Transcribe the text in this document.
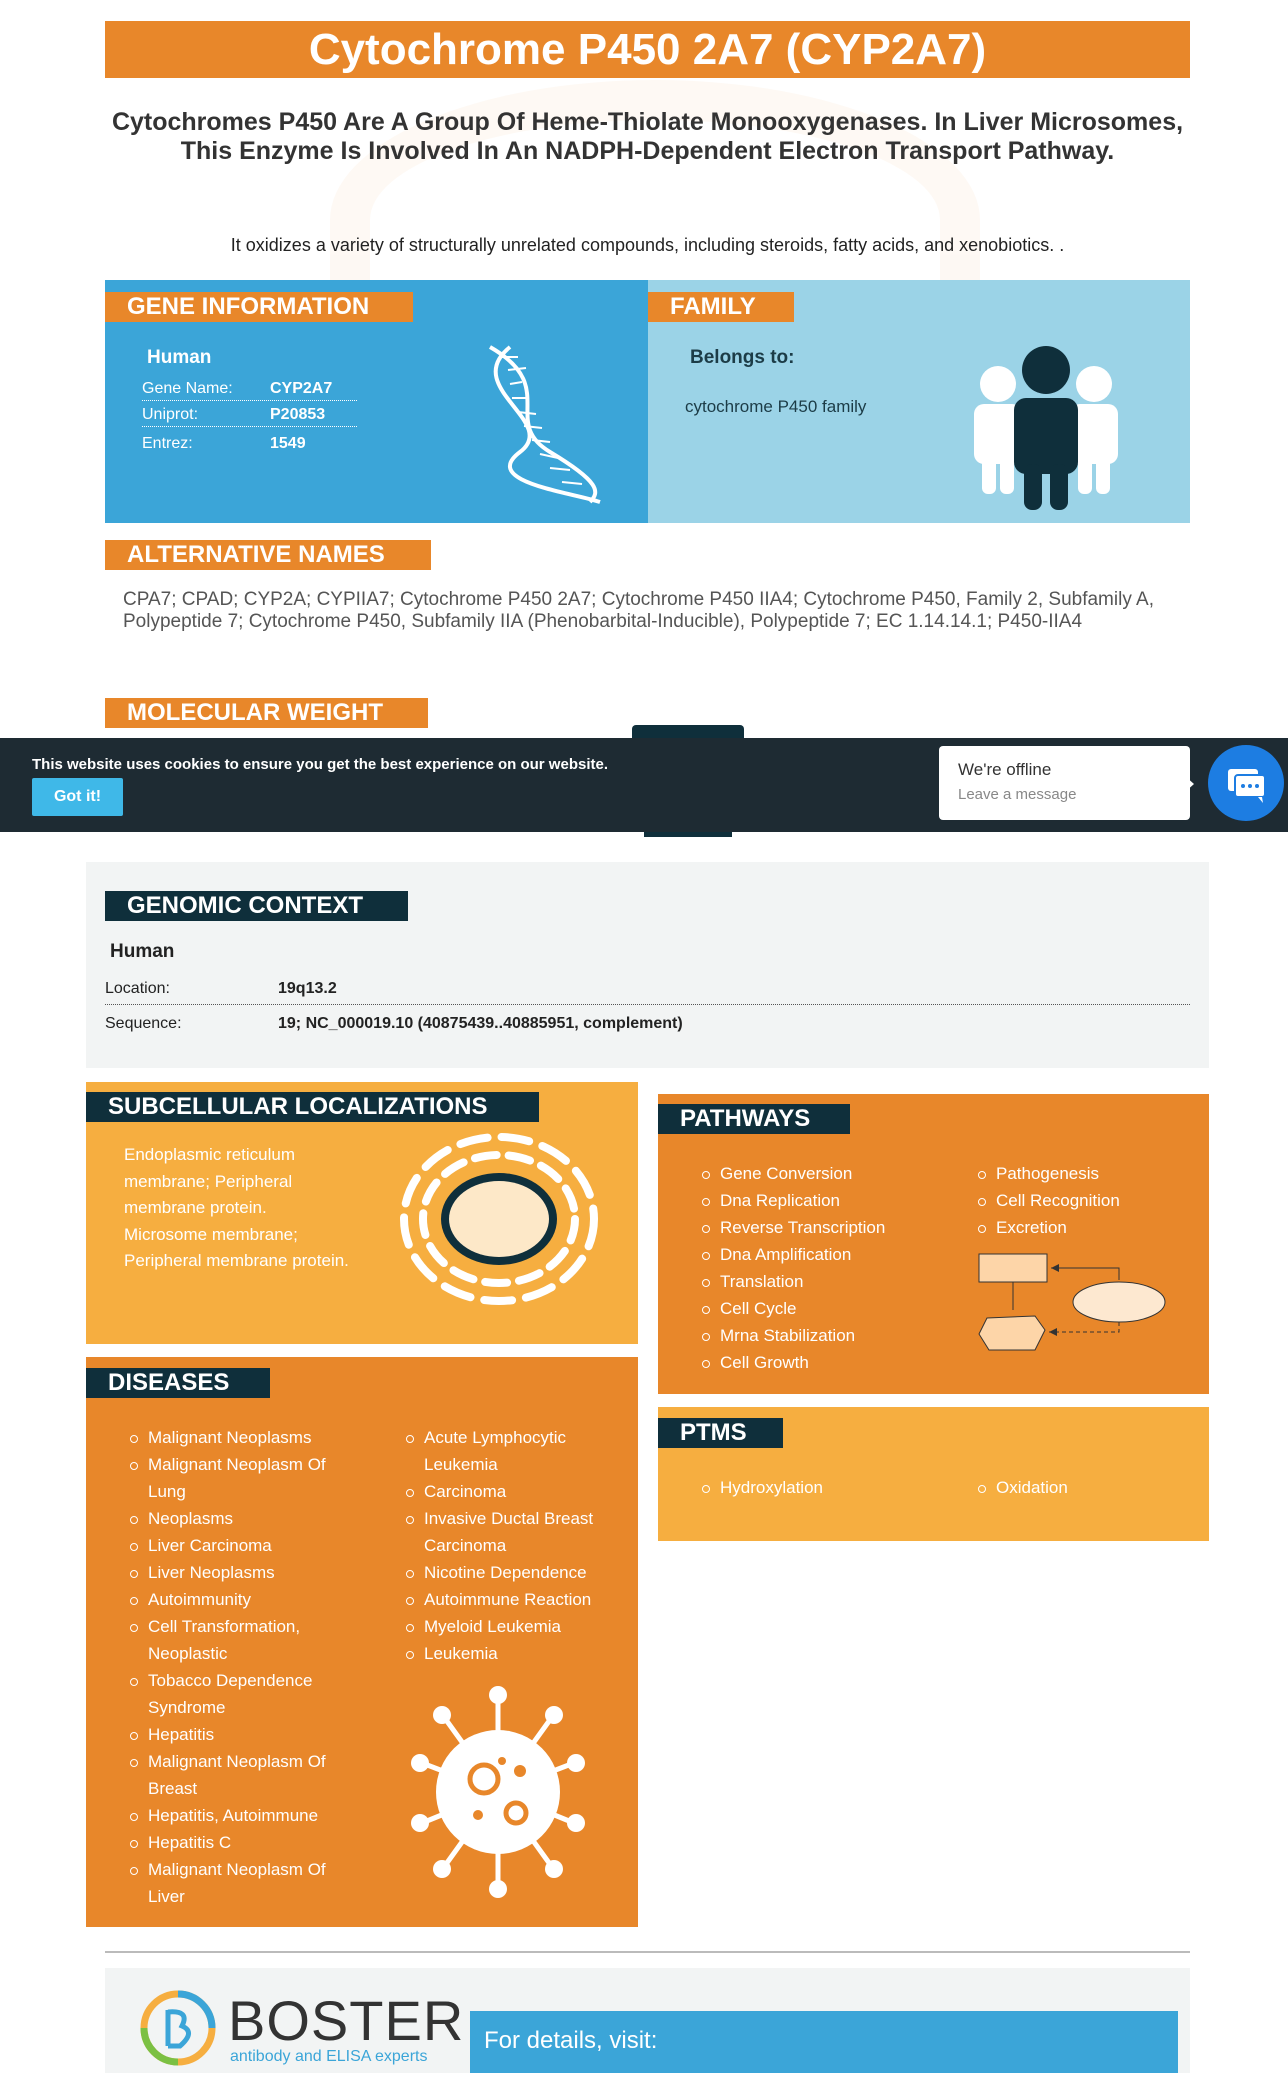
Cytochrome P450 2A7 (CYP2A7)
Cytochromes P450 Are A Group Of Heme-Thiolate Monooxygenases. In Liver Microsomes, This Enzyme Is Involved In An NADPH-Dependent Electron Transport Pathway.
It oxidizes a variety of structurally unrelated compounds, including steroids, fatty acids, and xenobiotics. .
GENE INFORMATION
Human
Gene Name: CYP2A7
Uniprot:	P20853
Entrez:	1549
FAMILY
Belongs to:
cytochrome P450 family
ALTERNATIVE NAMES
CPA7; CPAD; CYP2A; CYPIIA7; Cytochrome P450 2A7; Cytochrome P450 IIA4; Cytochrome P450, Family 2, Subfamily A, Polypeptide 7; Cytochrome P450, Subfamily IIA (Phenobarbital-Inducible), Polypeptide 7; EC 1.14.14.1; P450-IIA4
MOLECULAR WEIGHT
This website uses cookies to ensure you get the best experience on our website.
Got it!
We're offline
Leave a message
GENOMIC CONTEXT
Human
Location:	19q13.2
Sequence:	19; NC_000019.10 (40875439..40885951, complement)
SUBCELLULAR LOCALIZATIONS
Endoplasmic reticulum membrane; Peripheral membrane protein. Microsome membrane; Peripheral membrane protein.
PATHWAYS
Gene Conversion
Dna Replication
Reverse Transcription
Dna Amplification
Translation
Cell Cycle
Mrna Stabilization
Cell Growth
Pathogenesis
Cell Recognition
Excretion
PTMS
Hydroxylation	Oxidation
DISEASES
Malignant Neoplasms
Malignant Neoplasm Of Lung
Neoplasms
Liver Carcinoma
Liver Neoplasms
Autoimmunity
Cell Transformation, Neoplastic
Tobacco Dependence Syndrome
Hepatitis
Malignant Neoplasm Of Breast
Hepatitis, Autoimmune
Hepatitis C
Malignant Neoplasm Of Liver
Acute Lymphocytic Leukemia
Carcinoma
Invasive Ductal Breast Carcinoma
Nicotine Dependence
Autoimmune Reaction
Myeloid Leukemia
Leukemia
BOSTER
antibody and ELISA experts
For details, visit:
